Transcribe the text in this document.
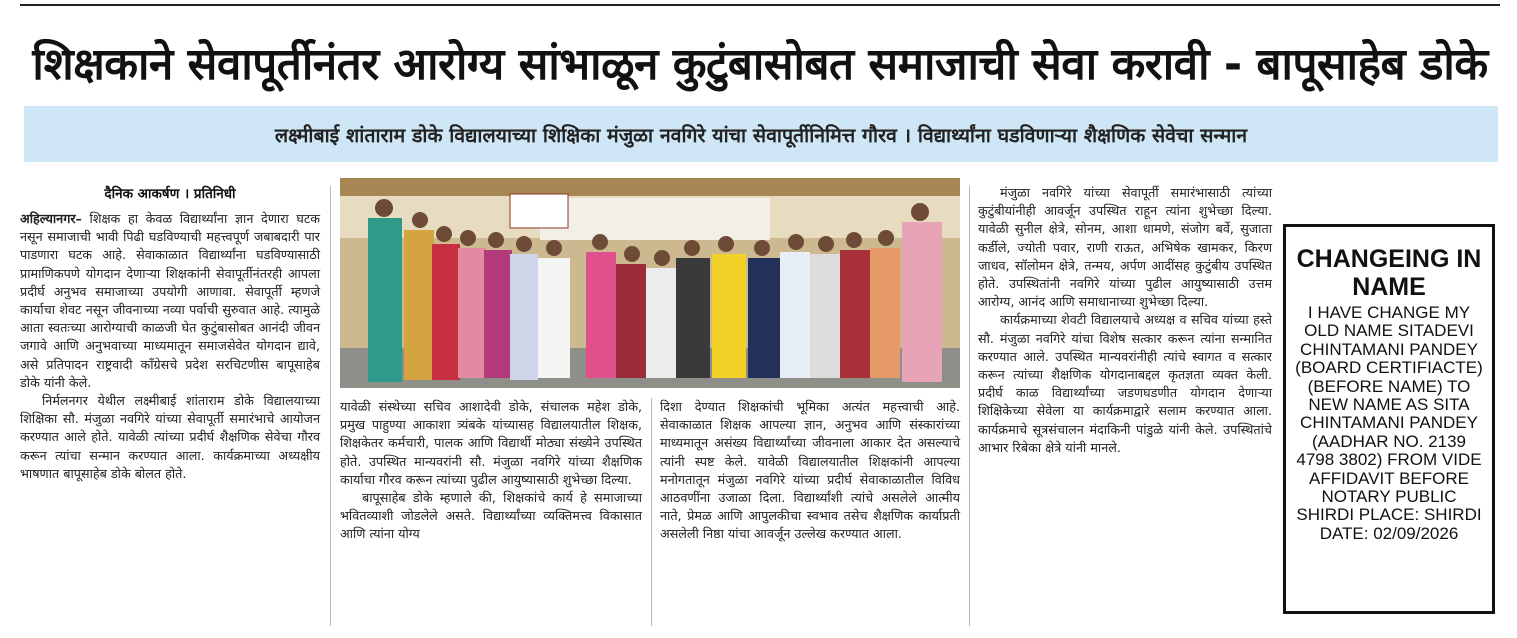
शिक्षकाने सेवापूर्तीनंतर आरोग्य सांभाळून कुटुंबासोबत समाजाची सेवा करावी - बापूसाहेब डोके
लक्ष्मीबाई शांताराम डोके विद्यालयाच्या शिक्षिका मंजुळा नवगिरे यांचा सेवापूर्तीनिमित्त गौरव । विद्यार्थ्यांना घडविणाऱ्या शैक्षणिक सेवेचा सन्मान
दैनिक आकर्षण । प्रतिनिधी

अहिल्यानगर– शिक्षक हा केवळ विद्यार्थ्यांना ज्ञान देणारा घटक नसून समाजाची भावी पिढी घडविण्याची महत्त्वपूर्ण जबाबदारी पार पाडणारा घटक आहे. सेवाकाळात विद्यार्थ्यांना घडविण्यासाठी प्रामाणिकपणे योगदान देणाऱ्या शिक्षकांनी सेवापूर्तीनंतरही आपला प्रदीर्घ अनुभव समाजाच्या उपयोगी आणावा. सेवापूर्ती म्हणजे कार्याचा शेवट नसून जीवनाच्या नव्या पर्वाची सुरुवात आहे. त्यामुळे आता स्वतःच्या आरोग्याची काळजी घेत कुटुंबासोबत आनंदी जीवन जगावे आणि अनुभवाच्या माध्यमातून समाजसेवेत योगदान द्यावे, असे प्रतिपादन राष्ट्रवादी काँग्रेसचे प्रदेश सरचिटणीस बापूसाहेब डोके यांनी केले.

निर्मलनगर येथील लक्ष्मीबाई शांताराम डोके विद्यालयाच्या शिक्षिका सौ. मंजुळा नवगिरे यांच्या सेवापूर्ती समारंभाचे आयोजन करण्यात आले होते. यावेळी त्यांच्या प्रदीर्घ शैक्षणिक सेवेचा गौरव करून त्यांचा सन्मान करण्यात आला. कार्यक्रमाच्या अध्यक्षीय भाषणात बापूसाहेब डोके बोलत होते.

यावेळी संस्थेच्या सचिव आशादेवी डोके, संचालक महेश डोके, प्रमुख पाहुण्या आकाशा त्र्यंबके यांच्यासह विद्यालयातील शिक्षक, शिक्षकेतर कर्मचारी, पालक आणि विद्यार्थी मोठ्या संख्येने उपस्थित होते. उपस्थित मान्यवरांनी सौ. मंजुळा नवगिरे यांच्या शैक्षणिक कार्याचा गौरव करून त्यांच्या पुढील आयुष्यासाठी शुभेच्छा दिल्या.

बापूसाहेब डोके म्हणाले की, शिक्षकांचे कार्य हे समाजाच्या भवितव्याशी जोडलेले असते. विद्यार्थ्यांच्या व्यक्तिमत्त्व विकासात आणि त्यांना योग्य

दिशा देण्यात शिक्षकांची भूमिका अत्यंत महत्त्वाची आहे. सेवाकाळात शिक्षक आपल्या ज्ञान, अनुभव आणि संस्कारांच्या माध्यमातून असंख्य विद्यार्थ्यांच्या जीवनाला आकार देत असल्याचे त्यांनी स्पष्ट केले. यावेळी विद्यालयातील शिक्षकांनी आपल्या मनोगतातून मंजुळा नवगिरे यांच्या प्रदीर्घ सेवाकाळातील विविध आठवणींना उजाळा दिला. विद्यार्थ्यांशी त्यांचे असलेले आत्मीय नाते, प्रेमळ आणि आपुलकीचा स्वभाव तसेच शैक्षणिक कार्याप्रती असलेली निष्ठा यांचा आवर्जून उल्लेख करण्यात आला.

मंजुळा नवगिरे यांच्या सेवापूर्ती समारंभासाठी त्यांच्या कुटुंबीयांनीही आवर्जून उपस्थित राहून त्यांना शुभेच्छा दिल्या. यावेळी सुनील क्षेत्रे, सोनम, आशा धामणे, संजोग बर्वे, सुजाता कर्डीले, ज्योती पवार, राणी राऊत, अभिषेक खामकर, किरण जाधव, सॉलोमन क्षेत्रे, तन्मय, अर्पण आदींसह कुटुंबीय उपस्थित होते. उपस्थितांनी नवगिरे यांच्या पुढील आयुष्यासाठी उत्तम आरोग्य, आनंद आणि समाधानाच्या शुभेच्छा दिल्या.

कार्यक्रमाच्या शेवटी विद्यालयाचे अध्यक्ष व सचिव यांच्या हस्ते सौ. मंजुळा नवगिरे यांचा विशेष सत्कार करून त्यांना सन्मानित करण्यात आले. उपस्थित मान्यवरांनीही त्यांचे स्वागत व सत्कार करून त्यांच्या शैक्षणिक योगदानाबद्दल कृतज्ञता व्यक्त केली. प्रदीर्घ काळ विद्यार्थ्यांच्या जडणघडणीत योगदान देणाऱ्या शिक्षिकेच्या सेवेला या कार्यक्रमाद्वारे सलाम करण्यात आला. कार्यक्रमाचे सूत्रसंचालन मंदाकिनी पांडुळे यांनी केले. उपस्थितांचे आभार रिबेका क्षेत्रे यांनी मानले.

CHANGEING IN NAME
I HAVE CHANGE MY OLD NAME SITADEVI CHINTAMANI PANDEY (BOARD CERTIFIACTE) (BEFORE NAME) TO NEW NAME AS SITA CHINTAMANI PANDEY (AADHAR NO. 2139 4798 3802) FROM VIDE AFFIDAVIT BEFORE NOTARY PUBLIC SHIRDI PLACE: SHIRDI DATE: 02/09/2026
